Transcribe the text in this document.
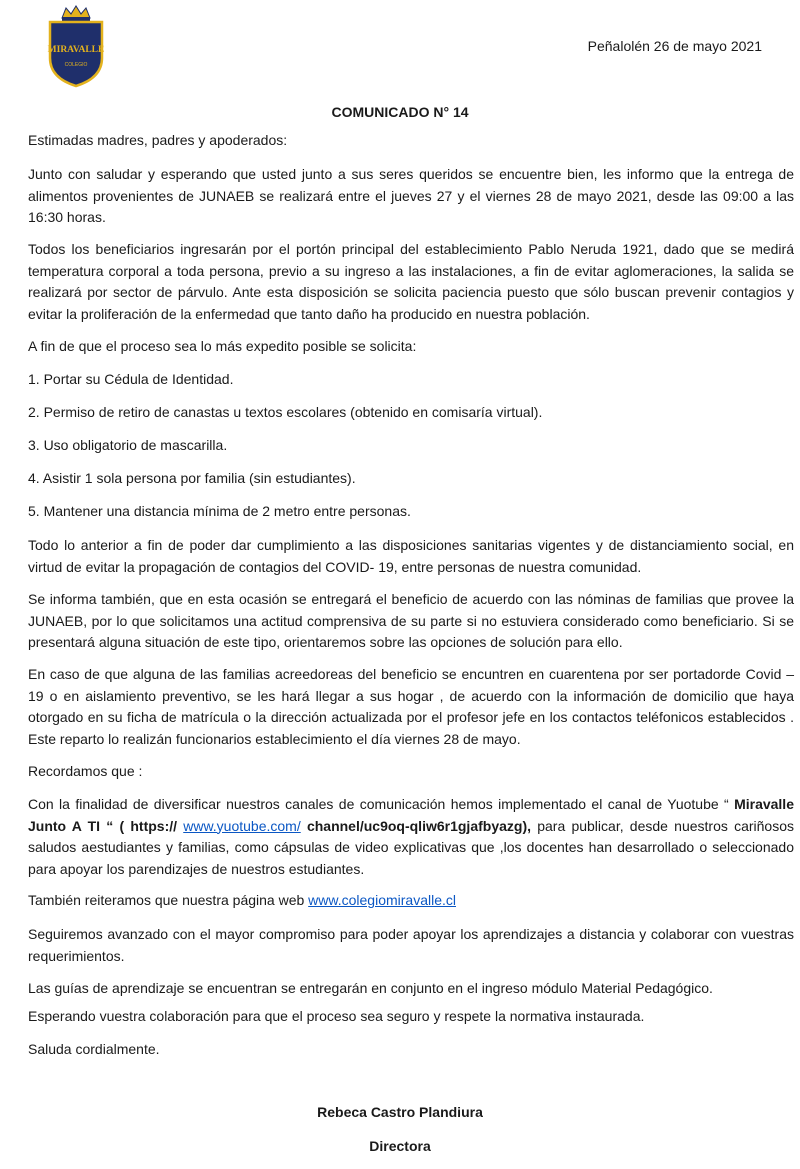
MIRAVALLE
COLEGIO
Peñalolén 26 de mayo 2021
COMUNICADO N° 14

Estimadas madres, padres y apoderados:

Junto con saludar y esperando que usted junto a sus seres queridos se encuentre bien, les informo que la entrega de alimentos provenientes de JUNAEB se realizará entre el jueves 27 y el viernes 28 de mayo 2021, desde las 09:00 a las 16:30 horas.

Todos los beneficiarios ingresarán por el portón principal del establecimiento Pablo Neruda 1921, dado que se medirá temperatura corporal a toda persona, previo a su ingreso a las instalaciones, a fin de evitar aglomeraciones, la salida se realizará por sector de párvulo. Ante esta disposición se solicita paciencia puesto que sólo buscan prevenir contagios y evitar la proliferación de la enfermedad que tanto daño ha producido en nuestra población.

A fin de que el proceso sea lo más expedito posible se solicita:

1. Portar su Cédula de Identidad.

2. Permiso de retiro de canastas u textos escolares (obtenido en comisaría virtual).

3. Uso obligatorio de mascarilla.

4. Asistir 1 sola persona por familia (sin estudiantes).

5. Mantener una distancia mínima de 2 metro entre personas.

Todo lo anterior a fin de poder dar cumplimiento a las disposiciones sanitarias vigentes y de distanciamiento social, en virtud de evitar la propagación de contagios del COVID- 19, entre personas de nuestra comunidad.

Se informa también, que en esta ocasión se entregará el beneficio de acuerdo con las nóminas de familias que provee la JUNAEB, por lo que solicitamos una actitud comprensiva de su parte si no estuviera considerado como beneficiario. Si se presentará alguna situación de este tipo, orientaremos sobre las opciones de solución para ello.

En caso de que alguna de las familias acreedoreas del beneficio se encuntren en cuarentena por ser portadorde Covid – 19 o en aislamiento preventivo, se les hará llegar a sus hogar , de acuerdo con la información de domicilio que haya otorgado en su ficha de matrícula o la dirección actualizada por el profesor jefe en los contactos teléfonicos establecidos . Este reparto lo realizán funcionarios establecimiento el día viernes 28 de mayo.

Recordamos que :

Con la finalidad de diversificar nuestros canales de comunicación hemos implementado el canal de Yuotube “ Miravalle Junto A TI “ ( https:// www.yuotube.com/ channel/uc9oq-qliw6r1gjafbyazg), para publicar, desde nuestros cariñosos saludos aestudiantes y familias, como cápsulas de video explicativas que ,los docentes han desarrollado o seleccionado para apoyar los parendizajes de nuestros estudiantes.

También reiteramos que nuestra página web www.colegiomiravalle.cl

Seguiremos avanzado con el mayor compromiso para poder apoyar los aprendizajes a distancia y colaborar con vuestras requerimientos.

Las guías de aprendizaje se encuentran se entregarán en conjunto en el ingreso módulo Material Pedagógico.

Esperando vuestra colaboración para que el proceso sea seguro y respete la normativa instaurada.

Saluda cordialmente.

Rebeca Castro Plandiura
Directora
